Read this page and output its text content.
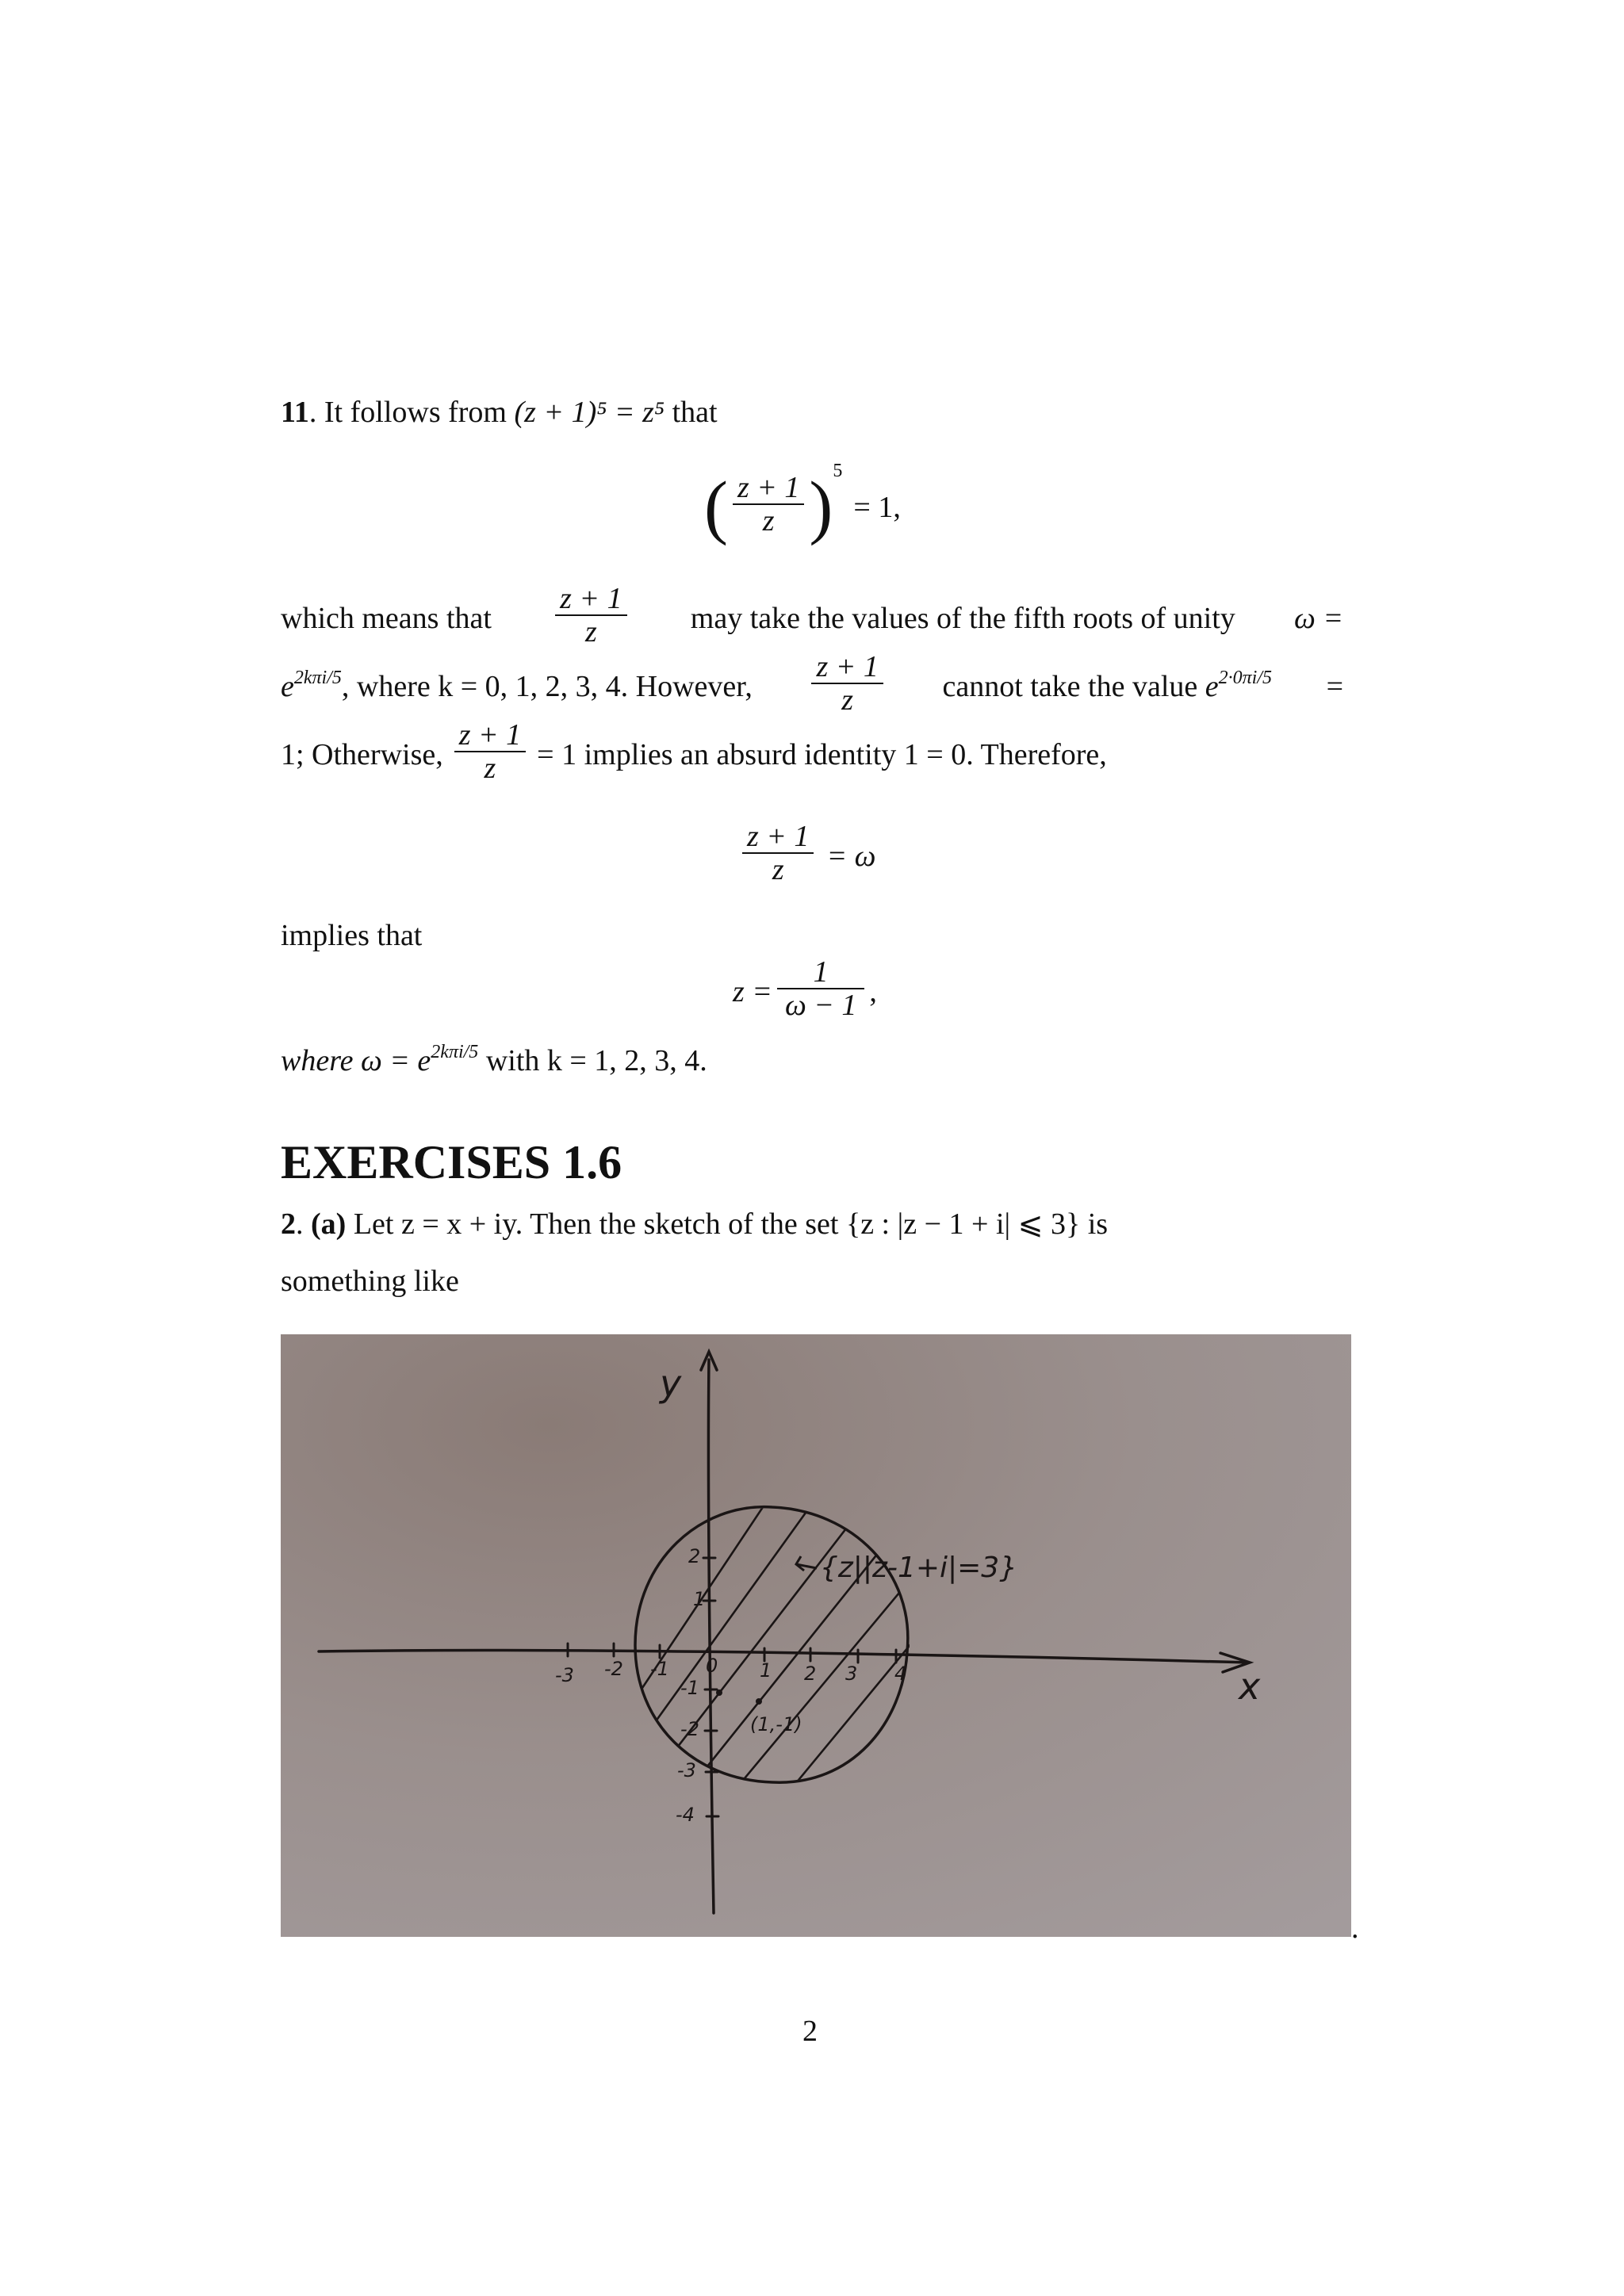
11. It follows from (z + 1)⁵ = z⁵ that
( $\frac{z + 1}{z}$ ) 5
= 1,
which means that $\frac{z + 1}{z}$ may take the values of the fifth roots of unity ω =
$e^{2k\pi i/5}$, where k = 0, 1, 2, 3, 4. However, $\frac{z + 1}{z}$ cannot take the value $e^{2\cdot 0\pi i/5}$ =
1; Otherwise, $\frac{z + 1}{z} = 1$ implies an absurd identity 1 = 0. Therefore,
$\frac{z + 1}{z} = \omega$
implies that
$z = \frac{1}{\omega - 1}$ ,
where $\omega = e^{2k\pi i/5}$ with k = 1, 2, 3, 4.
EXERCISES 1.6
2. (a) Let z = x + iy. Then the sketch of the set {z : |z − 1 + i| ⩽ 3} is
something like
y
x
-3 -2 -1 0 1 2 3 4
2
1
-1
-2
-3
-4
(1,-1)
{z||z-1+i|=3}
.
2
